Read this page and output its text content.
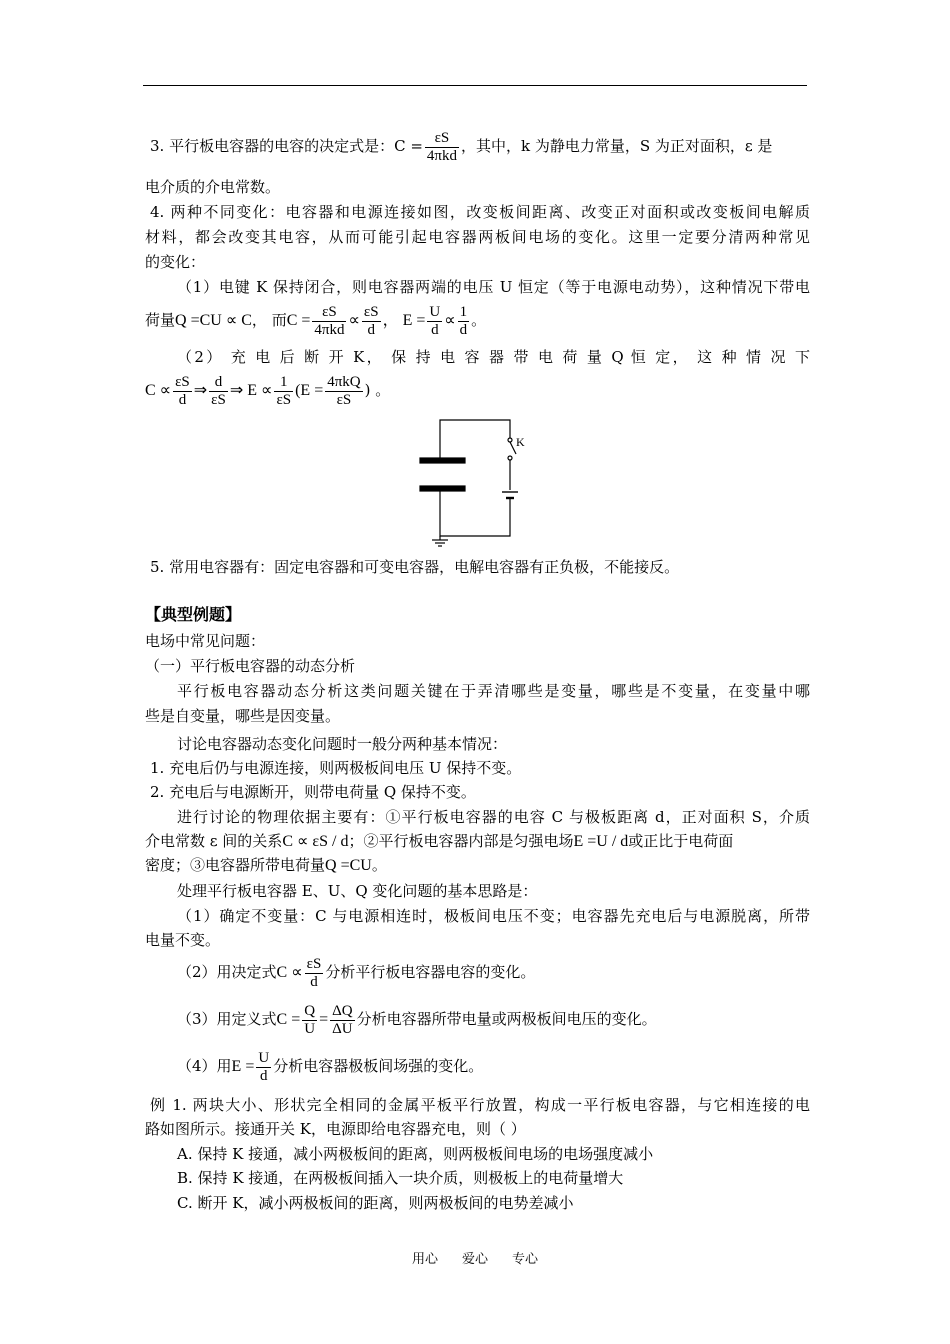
3. 平行板电容器的电容的决定式是：$C = \frac{\varepsilon S}{\text{4πkd}}$ ，其中，k 为静电力常量，S 为正对面积，ε 是
电介质的介电常数。
4. 两种不同变化：电容器和电源连接如图，改变板间距离、改变正对面积或改变板间电解质
材料，都会改变其电容，从而可能引起电容器两板间电场的变化。这里一定要分清两种常见
的变化：
（1）电键 K 保持闭合，则电容器两端的电压 U 恒定（等于电源电动势），这种情况下带电
荷量Q =CU ∝ C， 而$C = \frac{\varepsilon S}{\text{4πkd}} \propto \frac{\varepsilon S}{d}$ ， $E = \frac{U}{d} \propto \frac{1}{d}$ 。
（2） 充 电 后 断 开 K， 保 持 电 容 器 带 电 荷 量 Q 恒 定， 这 种 情 况 下
$C \propto \frac{\varepsilon S}{d}$ ⇒ $\frac{d}{\varepsilon S}$ ⇒ $E \propto \frac{1}{\varepsilon S} (E = \frac{\text{4πkQ}}{\varepsilon S}$ ) 。
K
5. 常用电容器有：固定电容器和可变电容器，电解电容器有正负极，不能接反。
【典型例题】
电场中常见问题：
（一）平行板电容器的动态分析
平行板电容器动态分析这类问题关键在于弄清哪些是变量，哪些是不变量，在变量中哪
些是自变量，哪些是因变量。
讨论电容器动态变化问题时一般分两种基本情况：
1. 充电后仍与电源连接，则两极板间电压 U 保持不变。
2. 充电后与电源断开，则带电荷量 Q 保持不变。
进行讨论的物理依据主要有：①平行板电容器的电容 C 与极板距离 d，正对面积 S，介质
介电常数 ε 间的关系C ∝ εS / d；②平行板电容器内部是匀强电场E =U / d或正比于电荷面
密度；③电容器所带电荷量Q =CU。
处理平行板电容器 E、U、Q 变化问题的基本思路是：
（1）确定不变量：C 与电源相连时，极板间电压不变；电容器先充电后与电源脱离，所带
电量不变。
（2）用决定式$C \propto \frac{\varepsilon S}{d}$ 分析平行板电容器电容的变化。
（3）用定义式$C = \frac{Q}{U} = \frac{\Delta Q}{\Delta U}$ 分析电容器所带电量或两极板间电压的变化。
（4）用$E = \frac{U}{d}$ 分析电容器极板间场强的变化。
例 1. 两块大小、形状完全相同的金属平板平行放置，构成一平行板电容器，与它相连接的电
路如图所示。接通开关 K，电源即给电容器充电，则（ ）
A. 保持 K 接通，减小两极板间的距离，则两极板间电场的电场强度减小
B. 保持 K 接通，在两极板间插入一块介质，则极板上的电荷量增大
C. 断开 K，减小两极板间的距离，则两极板间的电势差减小
用心 爱心 专心
